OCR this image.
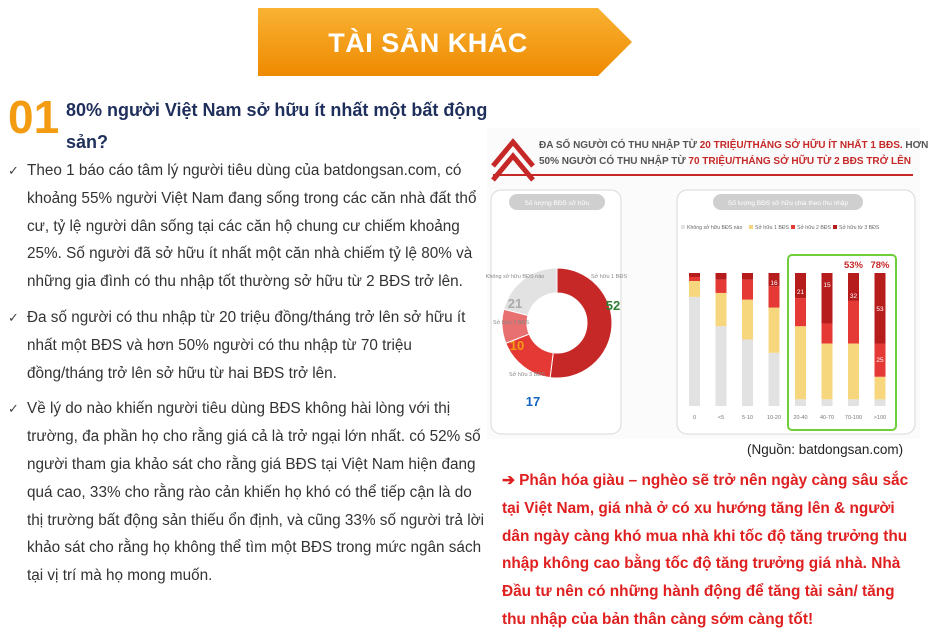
TÀI SẢN KHÁC
01 80% người Việt Nam sở hữu ít nhất một bất động sản?
✓ Theo 1 báo cáo tâm lý người tiêu dùng của batdongsan.com, có khoảng 55% người Việt Nam đang sống trong các căn nhà đất thổ cư, tỷ lệ người dân sống tại các căn hộ chung cư chiếm khoảng 25%. Số người đã sở hữu ít nhất một căn nhà chiếm tỷ lệ 80% và những gia đình có thu nhập tốt thường sở hữu từ 2 BĐS trở lên.
✓ Đa số người có thu nhập từ 20 triệu đồng/tháng trở lên sở hữu ít nhất một BĐS và hơn 50% người có thu nhập từ 70 triệu đồng/tháng trở lên sở hữu từ hai BĐS trở lên.
✓ Về lý do nào khiến người tiêu dùng BĐS không hài lòng với thị trường, đa phần họ cho rằng giá cả là trở ngại lớn nhất. có 52% số người tham gia khảo sát cho rằng giá BĐS tại Việt Nam hiện đang quá cao, 33% cho rằng rào cản khiến họ khó có thể tiếp cận là do thị trường bất động sản thiếu ổn định, và cũng 33% số người trả lời khảo sát cho rằng họ không thể tìm một BĐS trong mức ngân sách tại vị trí mà họ mong muốn.
ĐA SỐ NGƯỜI CÓ THU NHẬP TỪ 20 TRIỆU/THÁNG SỞ HỮU ÍT NHẤT 1 BĐS. HƠN
50% NGƯỜI CÓ THU NHẬP TỪ 70 TRIỆU/THÁNG SỞ HỮU TỪ 2 BĐS TRỞ LÊN
Số lượng BĐS sở hữu
Không sở hữu BĐS nào
21
Sở hữu 1 BĐS
52
Sở hữu 2 BĐS
10
Sở hữu 3 BĐS
17
Số lượng BĐS sở hữu chia theo thu nhập
Không sở hữu BĐS nào Sở hữu 1 BĐS Sở hữu 2 BĐS Sở hữu từ 3 BĐS
0	<5	5-10	10-20 20-40 40-70 70-100 >100
16
21
15
32
53
25
53% 78%
(Nguồn: batdongsan.com)
➔ Phân hóa giàu – nghèo sẽ trở nên ngày càng sâu sắc tại Việt Nam, giá nhà ở có xu hướng tăng lên & người dân ngày càng khó mua nhà khi tốc độ tăng trưởng thu nhập không cao bằng tốc độ tăng trưởng giá nhà. Nhà Đầu tư nên có những hành động để tăng tài sản/ tăng thu nhập của bản thân càng sớm càng tốt!
